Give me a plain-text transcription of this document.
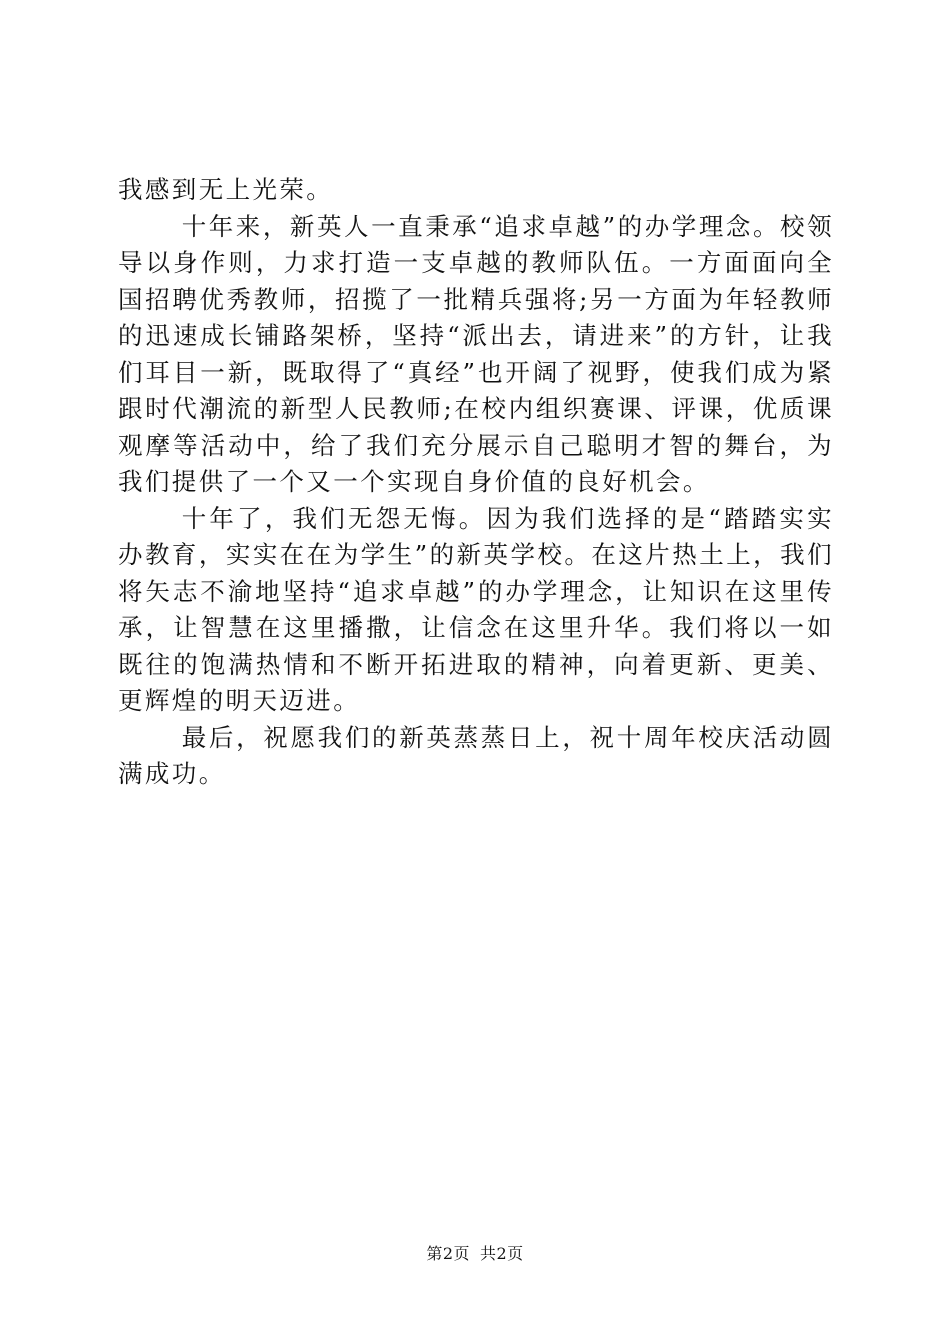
我感到无上光荣。

十年来，新英人一直秉承“追求卓越”的办学理念。校领导以身作则，力求打造一支卓越的教师队伍。一方面面向全国招聘优秀教师，招揽了一批精兵强将;另一方面为年轻教师的迅速成长铺路架桥，坚持“派出去，请进来”的方针，让我们耳目一新，既取得了“真经”也开阔了视野，使我们成为紧跟时代潮流的新型人民教师;在校内组织赛课、评课，优质课观摩等活动中，给了我们充分展示自己聪明才智的舞台，为我们提供了一个又一个实现自身价值的良好机会。

十年了，我们无怨无悔。因为我们选择的是“踏踏实实办教育，实实在在为学生”的新英学校。在这片热土上，我们将矢志不渝地坚持“追求卓越”的办学理念，让知识在这里传承，让智慧在这里播撒，让信念在这里升华。我们将以一如既往的饱满热情和不断开拓进取的精神，向着更新、更美、更辉煌的明天迈进。

最后，祝愿我们的新英蒸蒸日上，祝十周年校庆活动圆满成功。

第2页 共2页
